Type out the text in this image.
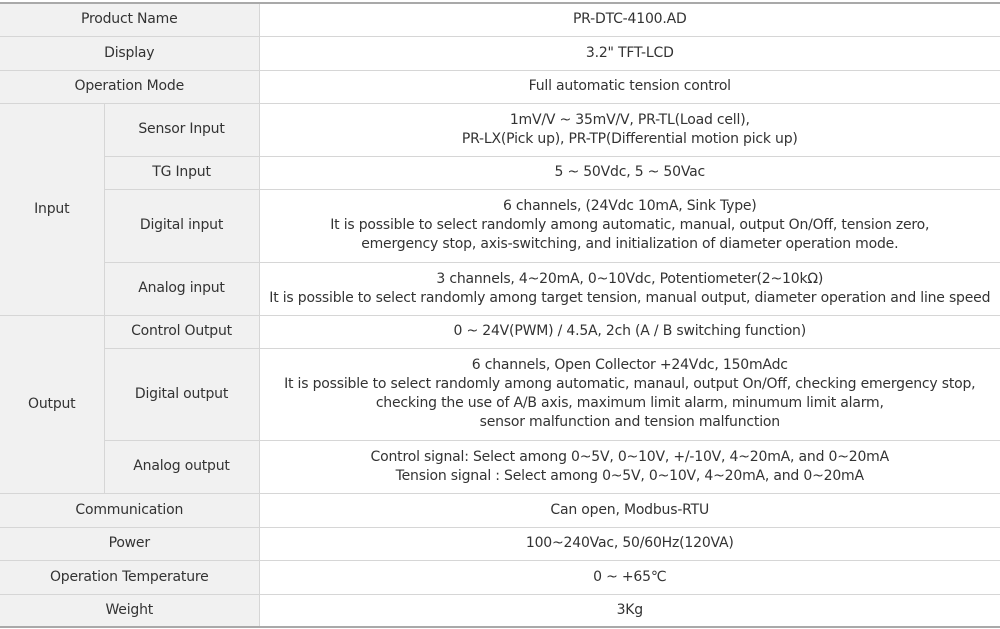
Product Name		PR-DTC-4100.AD
Display		3.2" TFT-LCD
Operation Mode		Full automatic tension control
Input	Sensor Input	1mV/V ~ 35mV/V, PR-TL(Load cell),
PR-LX(Pick up), PR-TP(Differential motion pick up)

	TG Input	5 ~ 50Vdc, 5 ~ 50Vac
	Digital input	6 channels, (24Vdc 10mA, Sink Type)
It is possible to select randomly among automatic, manual, output On/Off, tension zero,
emergency stop, axis-switching, and initialization of diameter operation mode.

	Analog input	3 channels, 4~20mA, 0~10Vdc, Potentiometer(2~10kΩ)
It is possible to select randomly among target tension, manual output, diameter operation and line speed

Output	Control Output	0 ~ 24V(PWM) / 4.5A, 2ch (A / B switching function)
	Digital output	6 channels, Open Collector +24Vdc, 150mAdc
It is possible to select randomly among automatic, manaul, output On/Off, checking emergency stop,
checking the use of A/B axis, maximum limit alarm, minumum limit alarm,
sensor malfunction and tension malfunction

	Analog output	Control signal: Select among 0~5V, 0~10V, +/-10V, 4~20mA, and 0~20mA
Tension signal : Select among 0~5V, 0~10V, 4~20mA, and 0~20mA

Communication		Can open, Modbus-RTU
Power		100~240Vac, 50/60Hz(120VA)
Operation Temperature		0 ~ +65℃
Weight		3Kg
